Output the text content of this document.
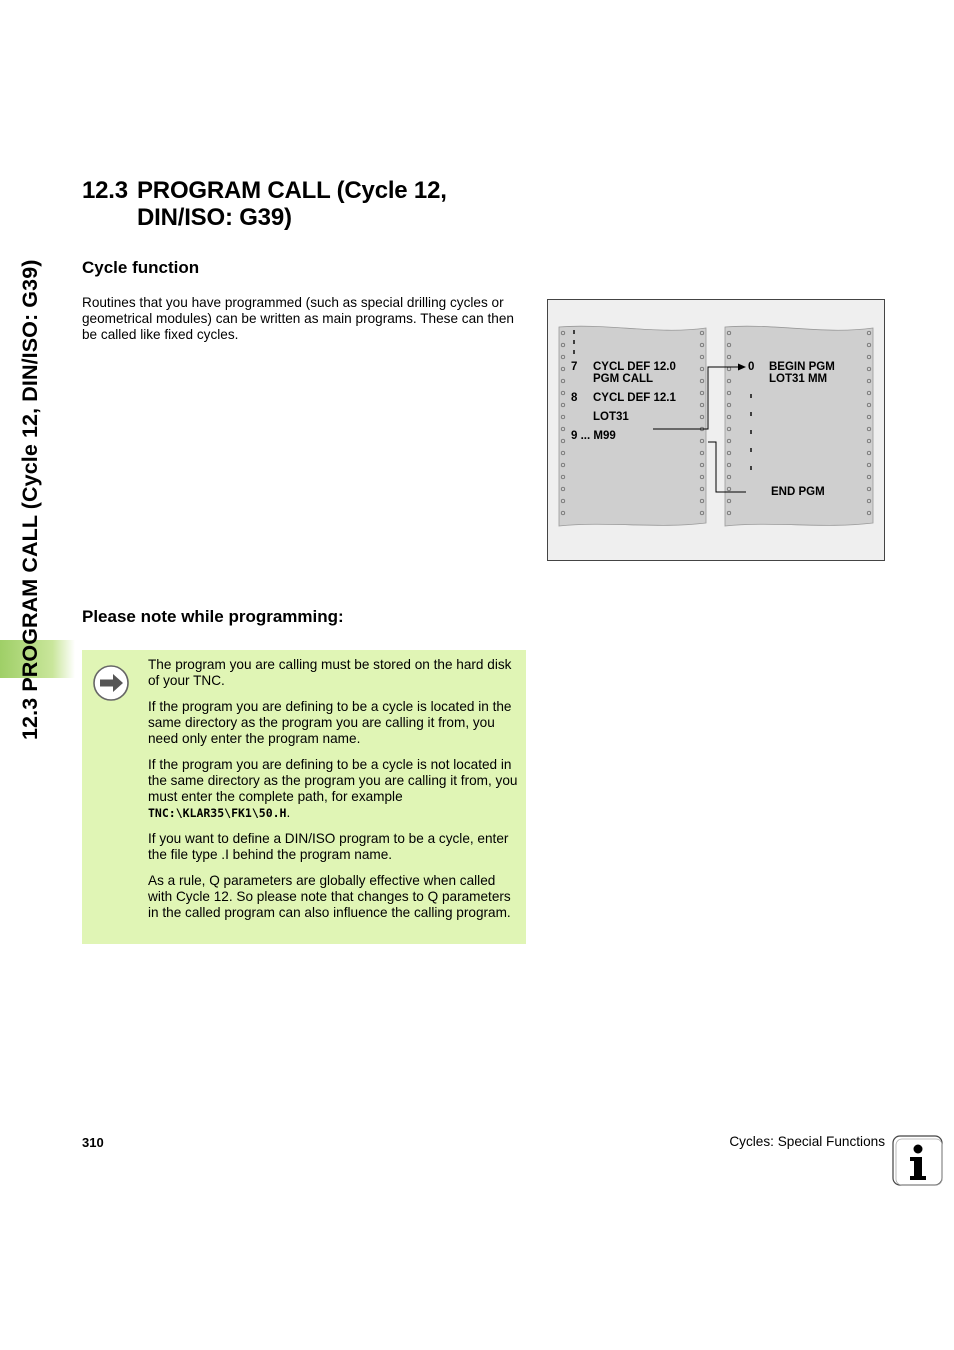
12.3 PROGRAM CALL (Cycle 12, DIN/ISO: G39)
12.3 PROGRAM CALL (Cycle 12,
DIN/ISO: G39)
Cycle function

Routines that you have programmed (such as special drilling cycles or geometrical modules) can be written as main programs. These can then be called like fixed cycles.

7 CYCL DEF 12.0
PGM CALL
8 CYCL DEF 12.1
LOT31
9 ... M99
0 BEGIN PGM
LOT31 MM
END PGM
Please note while programming:

The program you are calling must be stored on the hard disk of your TNC.

If the program you are defining to be a cycle is located in the same directory as the program you are calling it from, you need only enter the program name.

If the program you are defining to be a cycle is not located in the same directory as the program you are calling it from, you must enter the complete path, for example TNC:\KLAR35\FK1\50.H.

If you want to define a DIN/ISO program to be a cycle, enter the file type .I behind the program name.

As a rule, Q parameters are globally effective when called with Cycle 12. So please note that changes to Q parameters in the called program can also influence the calling program.

310	Cycles: Special Functions
